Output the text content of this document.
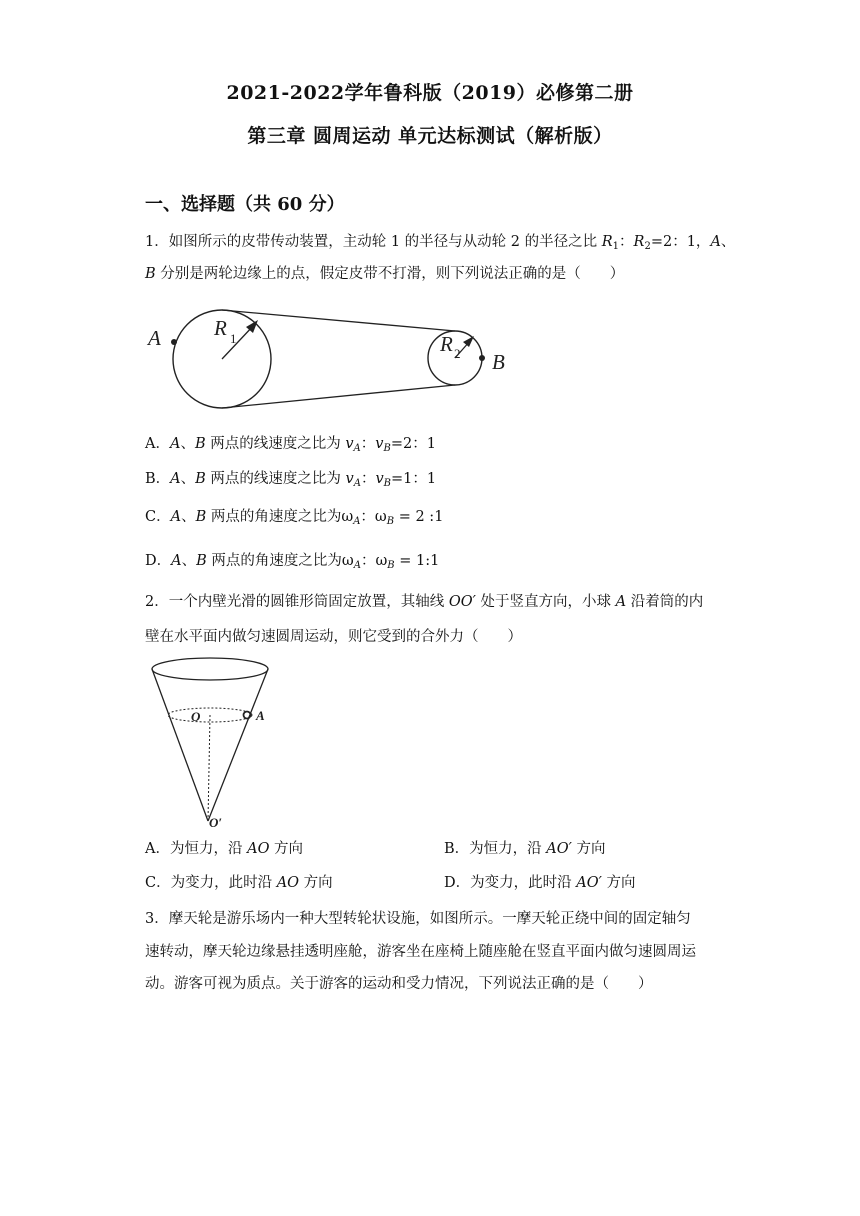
2021-2022学年鲁科版（2019）必修第二册
第三章 圆周运动 单元达标测试（解析版）
一、选择题（共 60 分）
1．如图所示的皮带传动装置，主动轮 1 的半径与从动轮 2 的半径之比 $R_1$：$R_2=2$：1，A、
B 分别是两轮边缘上的点，假定皮带不打滑，则下列说法正确的是（　　）
A
B
R 1	R 2
A．A、B 两点的线速度之比为 $v_A$：$v_B=2$：1
B．A、B 两点的线速度之比为 $v_A$：$v_B=1$：1
C．A、B 两点的角速度之比为$\omega_A$：$\omega_B = 2$ :1
D．A、B 两点的角速度之比为$\omega_A$：$\omega_B$ = 1:1
2．一个内壁光滑的圆锥形筒固定放置，其轴线 OO′ 处于竖直方向，小球 A 沿着筒的内
壁在水平面内做匀速圆周运动，则它受到的合外力（　　）
O	A
O′
A．为恒力，沿 AO 方向	B．为恒力，沿 AO′ 方向
C．为变力，此时沿 AO 方向	D．为变力，此时沿 AO′ 方向
3．摩天轮是游乐场内一种大型转轮状设施，如图所示。一摩天轮正绕中间的固定轴匀
速转动，摩天轮边缘悬挂透明座舱，游客坐在座椅上随座舱在竖直平面内做匀速圆周运
动。游客可视为质点。关于游客的运动和受力情况，下列说法正确的是（　　）
